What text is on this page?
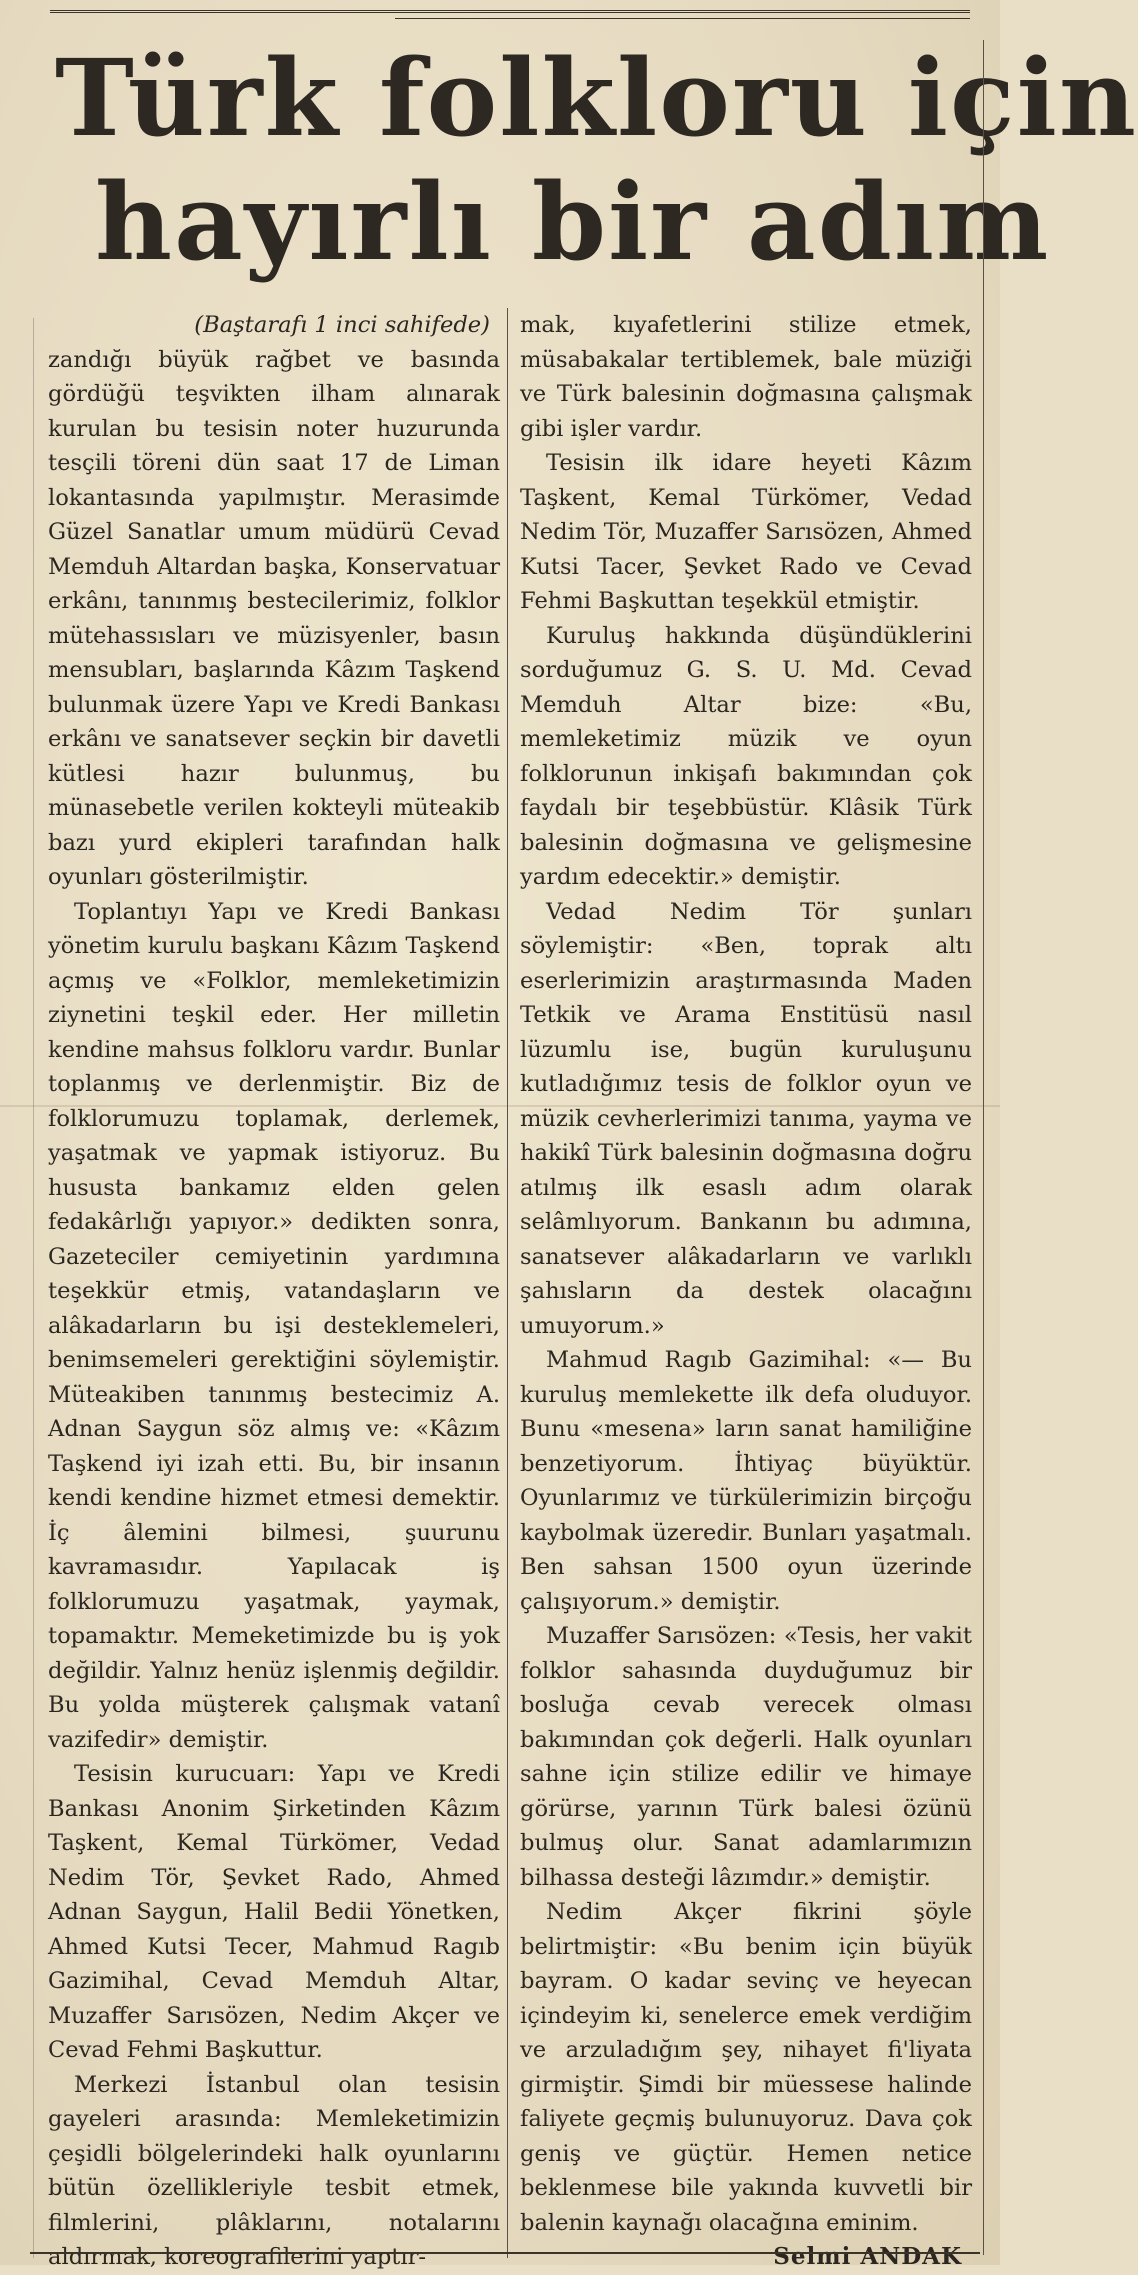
Türk folkloru için
hayırlı bir adım

(Baştarafı 1 inci sahifede)

zandığı büyük rağbet ve basında gördüğü teşvikten ilham alınarak kurulan bu tesisin noter huzurunda tesçili töreni dün saat 17 de Liman lokantasında yapılmıştır. Merasimde Güzel Sanatlar umum müdürü Cevad Memduh Altardan başka, Konservatuar erkânı, tanınmış bestecilerimiz, folklor mütehassısları ve müzisyenler, basın mensubları, başlarında Kâzım Taşkend bulunmak üzere Yapı ve Kredi Bankası erkânı ve sanatsever seçkin bir davetli kütlesi hazır bulunmuş, bu münasebetle verilen kokteyli müteakib bazı yurd ekipleri tarafından halk oyunları gösterilmiştir.

Toplantıyı Yapı ve Kredi Bankası yönetim kurulu başkanı Kâzım Taşkend açmış ve «Folklor, memleketimizin ziynetini teşkil eder. Her milletin kendine mahsus folkloru vardır. Bunlar toplanmış ve derlenmiştir. Biz de folklorumuzu toplamak, derlemek, yaşatmak ve yapmak istiyoruz. Bu hususta bankamız elden gelen fedakârlığı yapıyor.» dedikten sonra, Gazeteciler cemiyetinin yardımına teşekkür etmiş, vatandaşların ve alâkadarların bu işi desteklemeleri, benimsemeleri gerektiğini söylemiştir. Müteakiben tanınmış bestecimiz A. Adnan Saygun söz almış ve: «Kâzım Taşkend iyi izah etti. Bu, bir insanın kendi kendine hizmet etmesi demektir. İç âlemini bilmesi, şuurunu kavramasıdır. Yapılacak iş folklorumuzu yaşatmak, yaymak, topamaktır. Memeketimizde bu iş yok değildir. Yalnız henüz işlenmiş değildir. Bu yolda müşterek çalışmak vatanî vazifedir» demiştir.

Tesisin kurucuarı: Yapı ve Kredi Bankası Anonim Şirketinden Kâzım Taşkent, Kemal Türkömer, Vedad Nedim Tör, Şevket Rado, Ahmed Adnan Saygun, Halil Bedii Yönetken, Ahmed Kutsi Tecer, Mahmud Ragıb Gazimihal, Cevad Memduh Altar, Muzaffer Sarısözen, Nedim Akçer ve Cevad Fehmi Başkuttur.

Merkezi İstanbul olan tesisin gayeleri arasında: Memleketimizin çeşidli bölgelerindeki halk oyunlarını bütün özellikleriyle tesbit etmek, filmlerini, plâklarını, notalarını aldırmak, koreografilerini yaptır-

mak, kıyafetlerini stilize etmek, müsabakalar tertiblemek, bale müziği ve Türk balesinin doğmasına çalışmak gibi işler vardır.

Tesisin ilk idare heyeti Kâzım Taşkent, Kemal Türkömer, Vedad Nedim Tör, Muzaffer Sarısözen, Ahmed Kutsi Tacer, Şevket Rado ve Cevad Fehmi Başkuttan teşekkül etmiştir.

Kuruluş hakkında düşündüklerini sorduğumuz G. S. U. Md. Cevad Memduh Altar bize: «Bu, memleketimiz müzik ve oyun folklorunun inkişafı bakımından çok faydalı bir teşebbüstür. Klâsik Türk balesinin doğmasına ve gelişmesine yardım edecektir.» demiştir.

Vedad Nedim Tör şunları söylemiştir: «Ben, toprak altı eserlerimizin araştırmasında Maden Tetkik ve Arama Enstitüsü nasıl lüzumlu ise, bugün kuruluşunu kutladığımız tesis de folklor oyun ve müzik cevherlerimizi tanıma, yayma ve hakikî Türk balesinin doğmasına doğru atılmış ilk esaslı adım olarak selâmlıyorum. Bankanın bu adımına, sanatsever alâkadarların ve varlıklı şahısların da destek olacağını umuyorum.»

Mahmud Ragıb Gazimihal: «— Bu kuruluş memlekette ilk defa oluduyor. Bunu «mesena» ların sanat hamiliğine benzetiyorum. İhtiyaç büyüktür. Oyunlarımız ve türkülerimizin birçoğu kaybolmak üzeredir. Bunları yaşatmalı. Ben sahsan 1500 oyun üzerinde çalışıyorum.» demiştir.

Muzaffer Sarısözen: «Tesis, her vakit folklor sahasında duyduğumuz bir bosluğa cevab verecek olması bakımından çok değerli. Halk oyunları sahne için stilize edilir ve himaye görürse, yarının Türk balesi özünü bulmuş olur. Sanat adamlarımızın bilhassa desteği lâzımdır.» demiştir.

Nedim Akçer fikrini şöyle belirtmiştir: «Bu benim için büyük bayram. O kadar sevinç ve heyecan içindeyim ki, senelerce emek verdiğim ve arzuladığım şey, nihayet fi'liyata girmiştir. Şimdi bir müessese halinde faliyete geçmiş bulunuyoruz. Dava çok geniş ve güçtür. Hemen netice beklenmese bile yakında kuvvetli bir balenin kaynağı olacağına eminim.

Selmi ANDAK
